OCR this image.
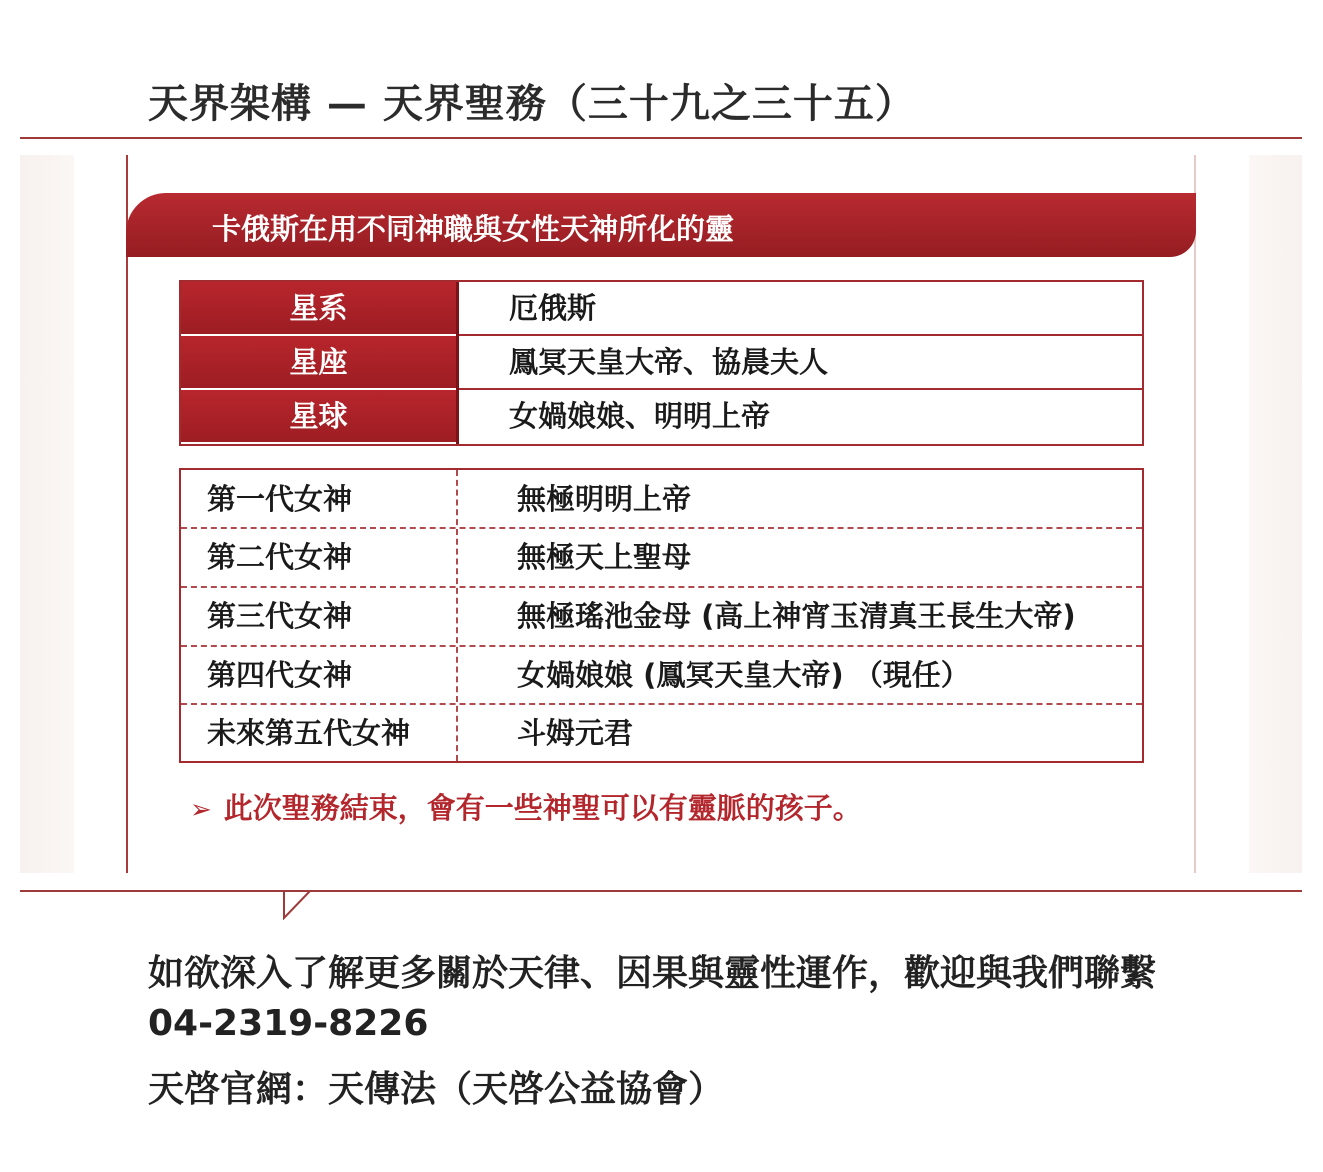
天界架構 — 天界聖務（三十九之三十五）
卡俄斯在用不同神職與女性天神所化的靈
星系	厄俄斯
星座	鳳冥天皇大帝、協晨夫人
星球	女媧娘娘、明明上帝
第一代女神	無極明明上帝
第二代女神	無極天上聖母
第三代女神	無極瑤池金母 (高上神宵玉清真王長生大帝)
第四代女神	女媧娘娘 (鳳冥天皇大帝) （現任）
未來第五代女神	斗姆元君
➢ 此次聖務結束，會有一些神聖可以有靈脈的孩子。
如欲深入了解更多關於天律、因果與靈性運作，歡迎與我們聯繫
04-2319-8226
天啓官網：天傳法（天啓公益協會）
